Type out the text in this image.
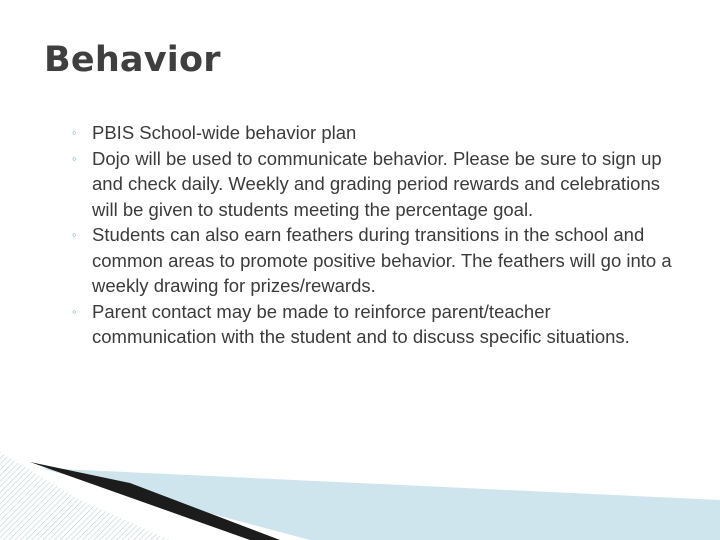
Behavior
◦ PBIS School-wide behavior plan
◦ Dojo will be used to communicate behavior. Please be sure to sign up and check daily. Weekly and grading period rewards and celebrations will be given to students meeting the percentage goal.
◦ Students can also earn feathers during transitions in the school and common areas to promote positive behavior. The feathers will go into a weekly drawing for prizes/rewards.
◦ Parent contact may be made to reinforce parent/teacher communication with the student and to discuss specific situations.
